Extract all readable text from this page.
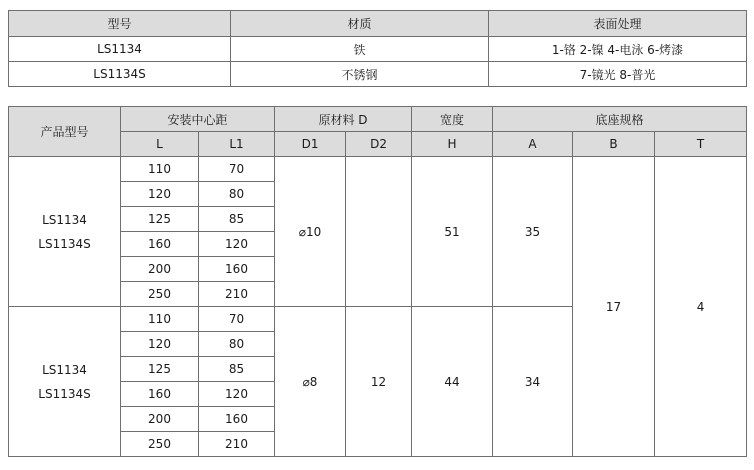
型号	材质	表面处理
LS1134	铁	1-铬 2-镍 4-电泳 6-烤漆
LS1134S	不锈钢	7-镜光 8-普光
产品型号	安装中心距		原材料 D		宽度	底座规格		
	L	L1	D1	D2	H	A	B	T

LS1134
LS1134S	110	70	⌀10		51	35	17	4
	120	80						
	125	85						
	160	120						
	200	160						
	250	210						

LS1134
LS1134S	110	70	⌀8	12	44	34		
	120	80						
	125	85						
	160	120						
	200	160						
	250	210						
